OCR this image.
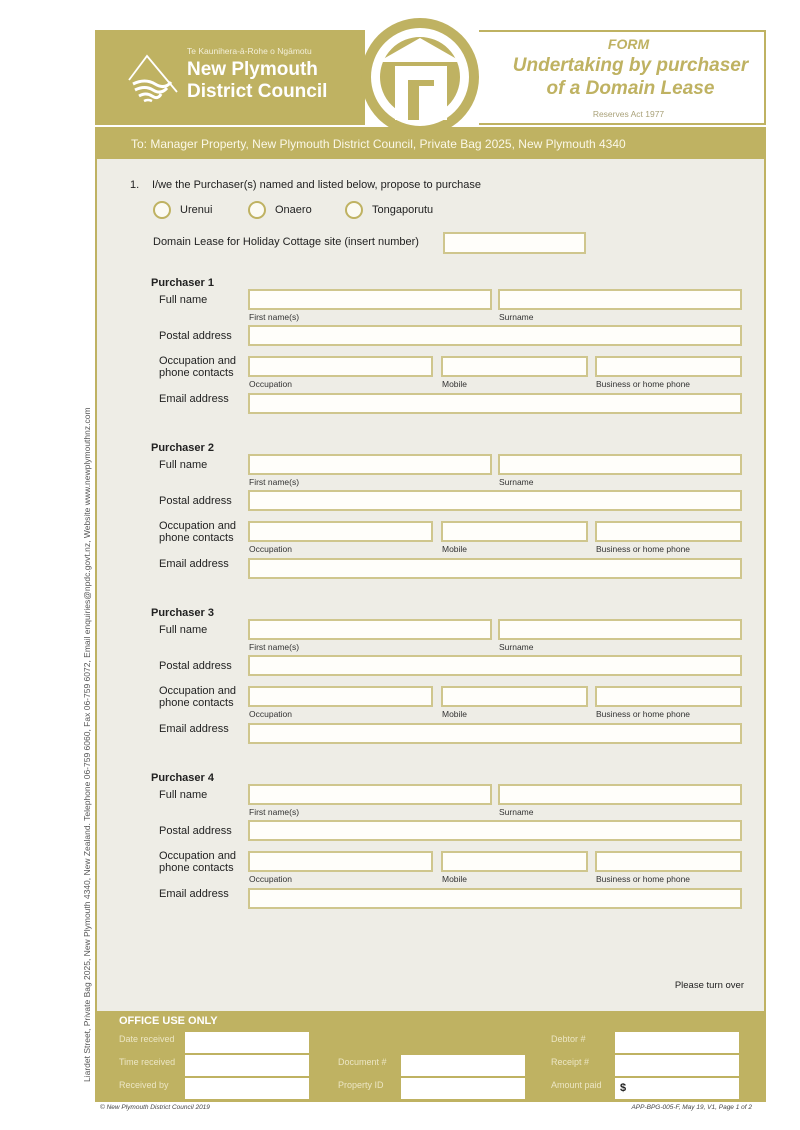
Liardet Street, Private Bag 2025, New Plymouth 4340, New Zealand. Telephone 06-759 6060, Fax 06-759 6072, Email enquiries@npdc.govt.nz, Website www.newplymouthnz.com
Te Kaunihera-ā-Rohe o Ngāmotu
New Plymouth
District Council
FORM
Undertaking by purchaser
of a Domain Lease
Reserves Act 1977
To: Manager Property, New Plymouth District Council, Private Bag 2025, New Plymouth 4340
1. I/we the Purchaser(s) named and listed below, propose to purchase
Urenui	Onaero	Tongaporutu
Domain Lease for Holiday Cottage site (insert number)
Purchaser 1
Full name
First name(s)	Surname
Postal address
Occupation and
phone contacts
Occupation	Mobile	Business or home phone
Email address
Purchaser 2
Full name
First name(s)	Surname
Postal address
Occupation and
phone contacts
Occupation	Mobile	Business or home phone
Email address
Purchaser 3
Full name
First name(s)	Surname
Postal address
Occupation and
phone contacts
Occupation	Mobile	Business or home phone
Email address
Purchaser 4
Full name
First name(s)	Surname
Postal address
Occupation and
phone contacts
Occupation	Mobile	Business or home phone
Email address
Please turn over
OFFICE USE ONLY
Date received
Time received
Received by
Document #
Property ID
Debtor #
Receipt #
Amount paid $
© New Plymouth District Council 2019	APP-BPG-005-F, May 19, V1, Page 1 of 2
